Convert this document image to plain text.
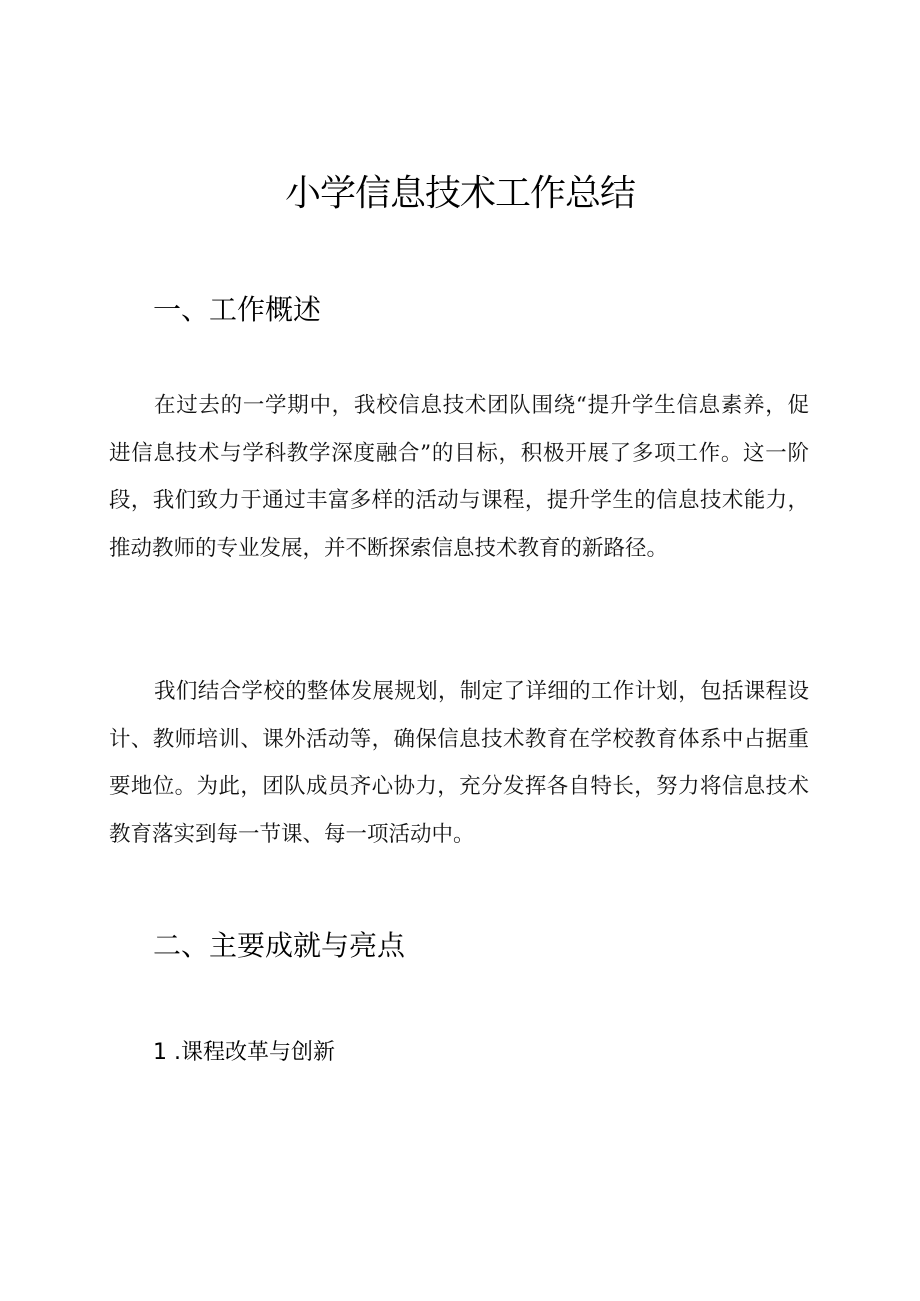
小学信息技术工作总结
一、工作概述

在过去的一学期中，我校信息技术团队围绕“提升学生信息素养，促进信息技术与学科教学深度融合”的目标，积极开展了多项工作。这一阶段，我们致力于通过丰富多样的活动与课程，提升学生的信息技术能力，推动教师的专业发展，并不断探索信息技术教育的新路径。

我们结合学校的整体发展规划，制定了详细的工作计划，包括课程设计、教师培训、课外活动等，确保信息技术教育在学校教育体系中占据重要地位。为此，团队成员齐心协力，充分发挥各自特长，努力将信息技术教育落实到每一节课、每一项活动中。

二、主要成就与亮点
1 .课程改革与创新
